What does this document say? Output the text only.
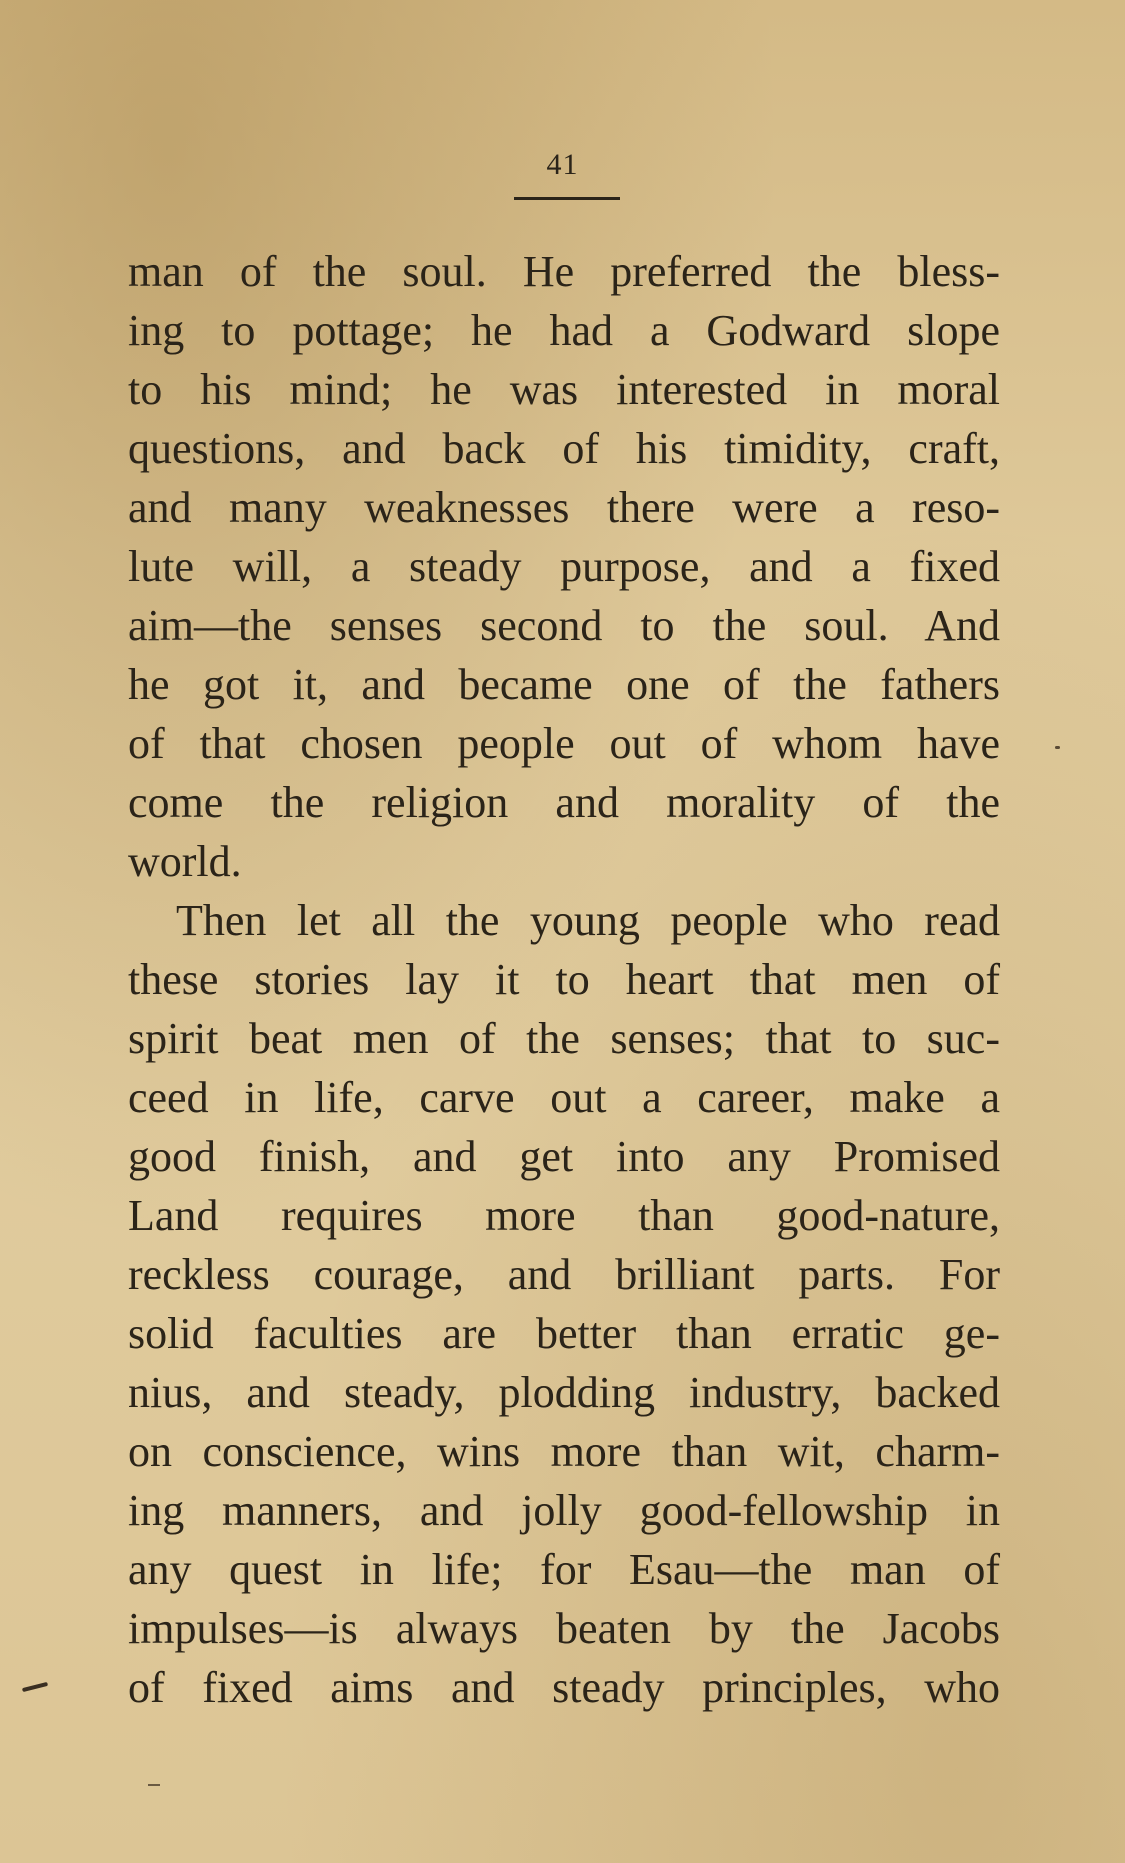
41
man of the soul. He preferred the bless-
ing to pottage; he had a Godward slope
to his mind; he was interested in moral
questions, and back of his timidity, craft,
and many weaknesses there were a reso-
lute will, a steady purpose, and a fixed
aim—the senses second to the soul. And
he got it, and became one of the fathers
of that chosen people out of whom have
come the religion and morality of the
world.
Then let all the young people who read
these stories lay it to heart that men of
spirit beat men of the senses; that to suc-
ceed in life, carve out a career, make a
good finish, and get into any Promised
Land requires more than good-nature,
reckless courage, and brilliant parts. For
solid faculties are better than erratic ge-
nius, and steady, plodding industry, backed
on conscience, wins more than wit, charm-
ing manners, and jolly good-fellowship in
any quest in life; for Esau—the man of
impulses—is always beaten by the Jacobs
of fixed aims and steady principles, who
